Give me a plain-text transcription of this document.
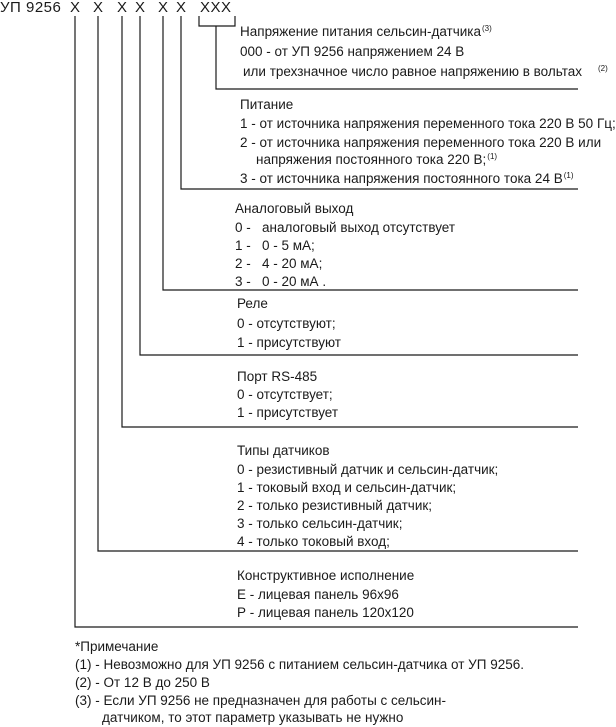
УП 9256 X X X X X X XXX
Напряжение питания сельсин-датчика$^{(3)}$
000 - от УП 9256 напряжением 24 В
или трехзначное число равное напряжению в вольтах $^{(2)}$
Питание
1 - от источника напряжения переменного тока 220 В 50 Гц;
2 - от источника напряжения переменного тока 220 В или
напряжения постоянного тока 220 В;$^{(1)}$
3 - от источника напряжения постоянного тока 24 $В^{(1)}$
Аналоговый выход
0 -   аналоговый выход отсутствует
1 -   0 - 5 мА;
2 -   4 - 20 мА;
3 -   0 - 20 мА .
Реле
0 - отсутствуют;
1 - присутствуют
Порт RS-485
0 - отсутствует;
1 - присутствует
Типы датчиков
0 - резистивный датчик и сельсин-датчик;
1 - токовый вход и сельсин-датчик;
2 - только резистивный датчик;
3 - только сельсин-датчик;
4 - только токовый вход;
Конструктивное исполнение
Е - лицевая панель 96х96
Р - лицевая панель 120х120
*Примечание
(1) - Невозможно для УП 9256 с питанием сельсин-датчика от УП 9256.
(2) - От 12 В до 250 В
(3) - Если УП 9256 не предназначен для работы с сельсин-
датчиком, то этот параметр указывать не нужно
